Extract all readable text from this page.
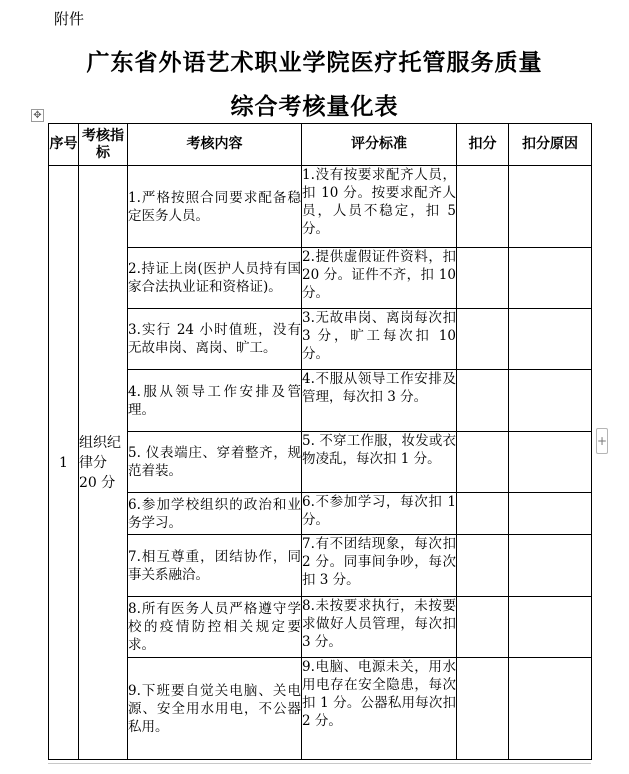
附件
广东省外语艺术职业学院医疗托管服务质量
综合考核量化表
✥
+
序号	考核指标	考核内容	评分标准	扣分	扣分原因
1	组织纪律分 20 分	1.严格按照合同要求配备稳定医务人员。	1.没有按要求配齐人员，扣 10 分。按要求配齐人员，人员不稳定，扣 5 分。		
		2.持证上岗(医护人员持有国家合法执业证和资格证)。	2.提供虚假证件资料，扣 20 分。证件不齐，扣 10 分。		
		3.实行 24 小时值班，没有无故串岗、离岗、旷工。	3.无故串岗、离岗每次扣 3 分，旷工每次扣 10 分。		
		4.服从领导工作安排及管理。	4.不服从领导工作安排及管理，每次扣 3 分。		
		5. 仪表端庄、穿着整齐，规范着装。	5. 不穿工作服，妆发或衣物凌乱，每次扣 1 分。		
		6.参加学校组织的政治和业务学习。	6.不参加学习，每次扣 1 分。		
		7.相互尊重，团结协作，同事关系融洽。	7.有不团结现象，每次扣 2 分。同事间争吵，每次扣 3 分。		
		8.所有医务人员严格遵守学校的疫情防控相关规定要求。	8.未按要求执行，未按要求做好人员管理，每次扣 3 分。		
		9.下班要自觉关电脑、关电源、安全用水用电，不公器私用。	9.电脑、电源未关，用水用电存在安全隐患，每次扣 1 分。公器私用每次扣 2 分。		
